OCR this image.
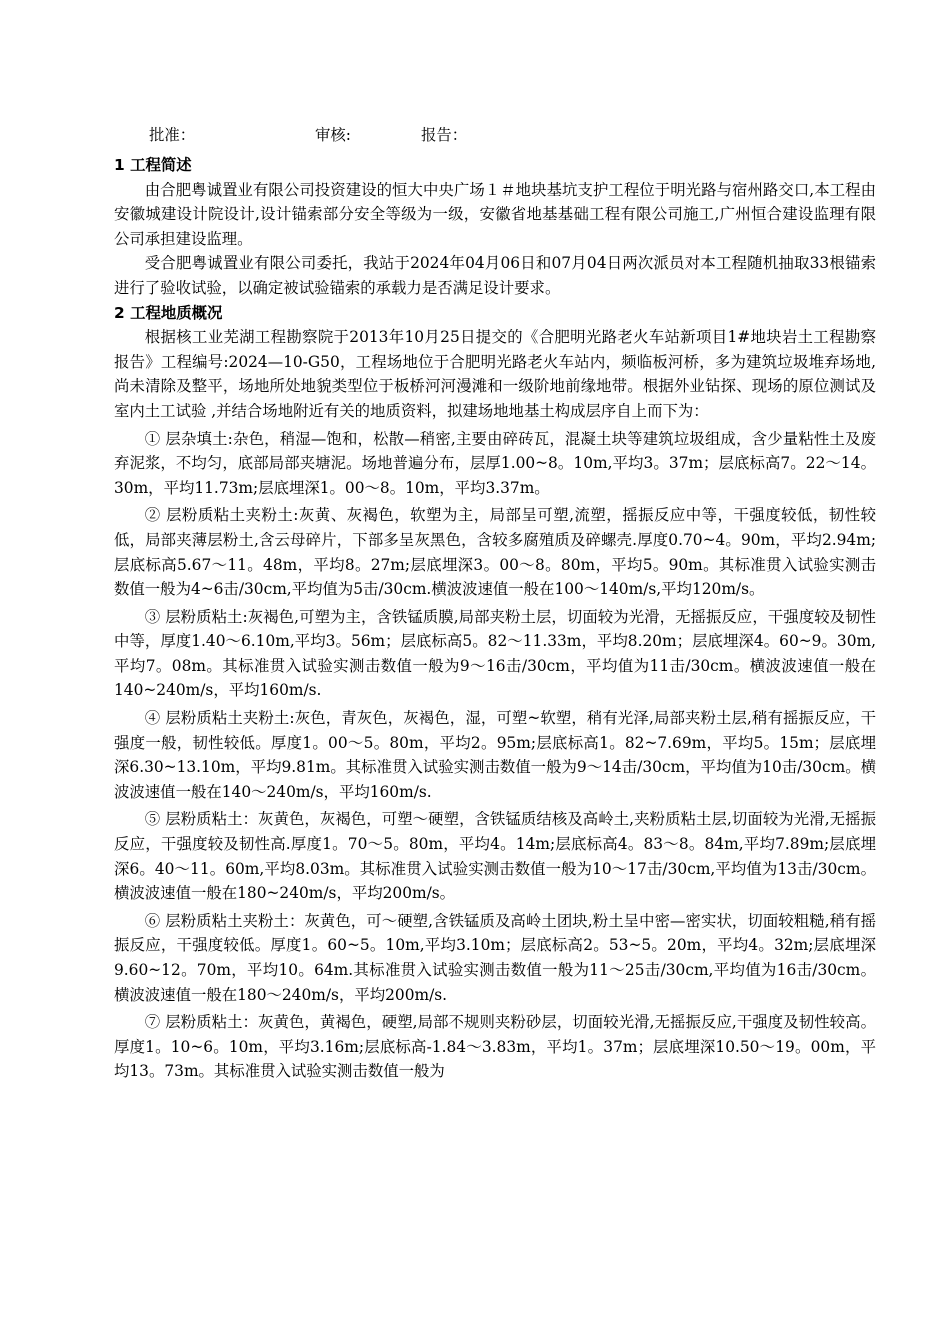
批准：	审核:	报告：
1 工程简述

由合肥粤诚置业有限公司投资建设的恒大中央广场１＃地块基坑支护工程位于明光路与宿州路交口,本工程由安徽城建设计院设计,设计锚索部分安全等级为一级，安徽省地基基础工程有限公司施工,广州恒合建设监理有限公司承担建设监理。

受合肥粤诚置业有限公司委托，我站于2024年04月06日和07月04日两次派员对本工程随机抽取33根锚索进行了验收试验，以确定被试验锚索的承载力是否满足设计要求。

2 工程地质概况

根据核工业芜湖工程勘察院于2013年10月25日提交的《合肥明光路老火车站新项目1#地块岩土工程勘察报告》工程编号:2024—10-G50，工程场地位于合肥明光路老火车站内，频临板河桥，多为建筑垃圾堆弃场地,尚未清除及整平，场地所处地貌类型位于板桥河河漫滩和一级阶地前缘地带。根据外业钻探、现场的原位测试及室内土工试验 ,并结合场地附近有关的地质资料，拟建场地地基土构成层序自上而下为：

① 层杂填土:杂色，稍湿—饱和，松散—稍密,主要由碎砖瓦，混凝土块等建筑垃圾组成，含少量粘性土及废弃泥浆，不均匀，底部局部夹塘泥。场地普遍分布，层厚1.00~8。10m,平均3。37m；层底标高7。22～14。30m，平均11.73m;层底埋深1。00～8。10m，平均3.37m。

② 层粉质粘土夹粉土:灰黄、灰褐色，软塑为主，局部呈可塑,流塑，摇振反应中等，干强度较低，韧性较低，局部夹薄层粉土,含云母碎片，下部多呈灰黑色，含较多腐殖质及碎螺壳.厚度0.70~4。90m，平均2.94m;层底标高5.67～11。48m，平均8。27m;层底埋深3。00～8。80m，平均5。90m。其标准贯入试验实测击数值一般为4~6击/30cm,平均值为5击/30cm.横波波速值一般在100～140m/s,平均120m/s。

③ 层粉质粘土:灰褐色,可塑为主，含铁锰质膜,局部夹粉土层，切面较为光滑，无摇振反应，干强度较及韧性中等，厚度1.40～6.10m,平均3。56m；层底标高5。82～11.33m，平均8.20m；层底埋深4。60~9。30m,平均7。08m。其标准贯入试验实测击数值一般为9～16击/30cm，平均值为11击/30cm。横波波速值一般在140~240m/s，平均160m/s.

④ 层粉质粘土夹粉土:灰色，青灰色，灰褐色，湿，可塑~软塑，稍有光泽,局部夹粉土层,稍有摇振反应，干强度一般，韧性较低。厚度1。00～5。80m，平均2。95m;层底标高1。82~7.69m，平均5。15m；层底埋深6.30~13.10m，平均9.81m。其标准贯入试验实测击数值一般为9～14击/30cm，平均值为10击/30cm。横波波速值一般在140～240m/s，平均160m/s.

⑤ 层粉质粘土：灰黄色，灰褐色，可塑～硬塑，含铁锰质结核及高岭土,夹粉质粘土层,切面较为光滑,无摇振反应，干强度较及韧性高.厚度1。70～5。80m，平均4。14m;层底标高4。83～8。84m,平均7.89m;层底埋深6。40～11。60m,平均8.03m。其标准贯入试验实测击数值一般为10～17击/30cm,平均值为13击/30cm。横波波速值一般在180~240m/s，平均200m/s。

⑥ 层粉质粘土夹粉土：灰黄色，可～硬塑,含铁锰质及高岭土团块,粉土呈中密—密实状，切面较粗糙,稍有摇振反应，干强度较低。厚度1。60~5。10m,平均3.10m；层底标高2。53~5。20m，平均4。32m;层底埋深9.60~12。70m，平均10。64m.其标准贯入试验实测击数值一般为11～25击/30cm,平均值为16击/30cm。横波波速值一般在180～240m/s，平均200m/s.

⑦ 层粉质粘土：灰黄色，黄褐色，硬塑,局部不规则夹粉砂层，切面较光滑,无摇振反应,干强度及韧性较高。厚度1。10~6。10m，平均3.16m;层底标高-1.84～3.83m，平均1。37m；层底埋深10.50～19。00m，平均13。73m。其标准贯入试验实测击数值一般为
